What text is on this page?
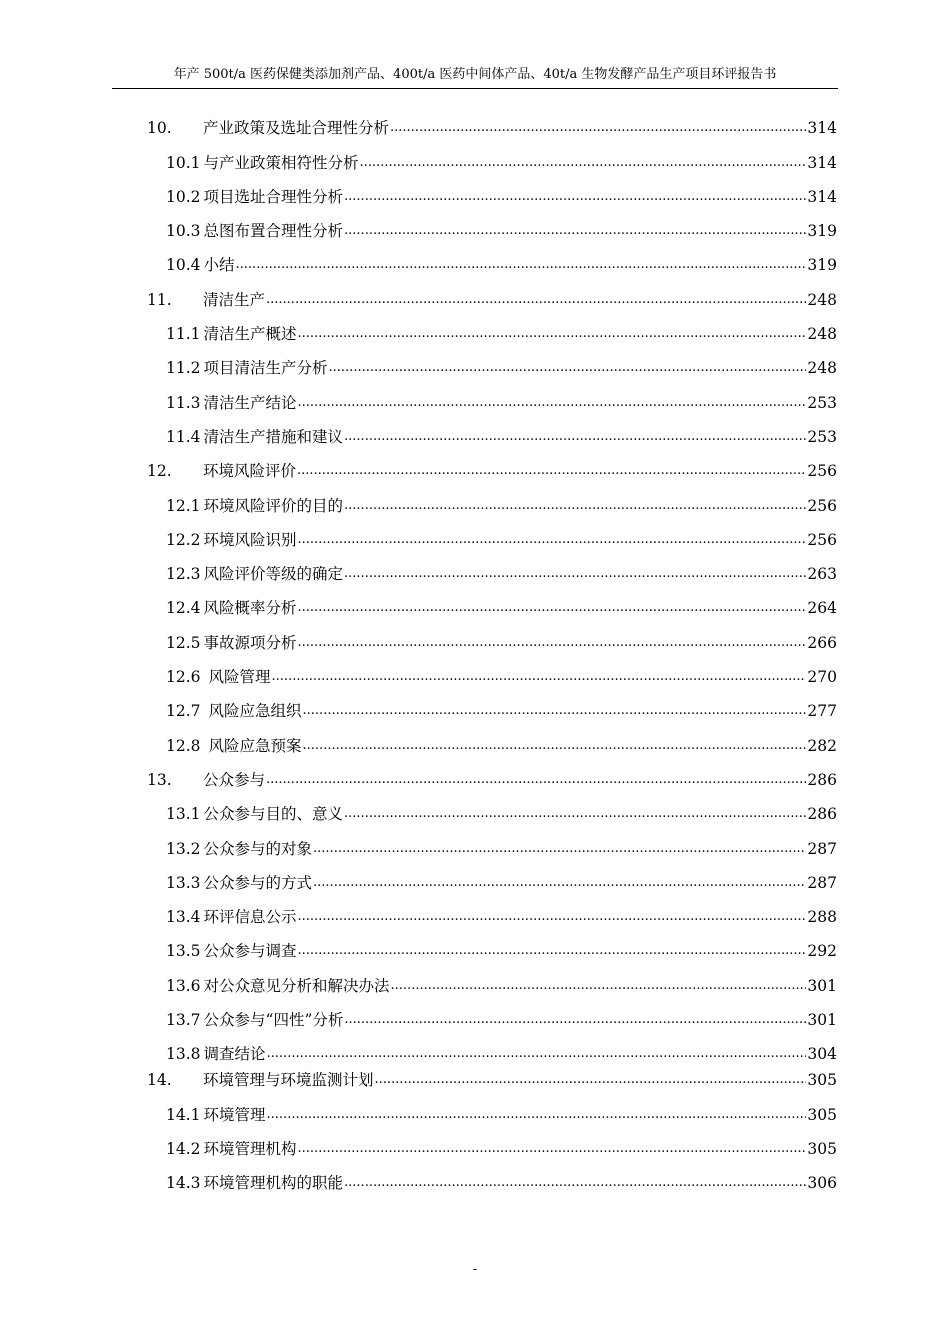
年产 500t/a 医药保健类添加剂产品、400t/a 医药中间体产品、40t/a 生物发酵产品生产项目环评报告书
10.	产业政策及选址合理性分析 .....	314
10.1 与产业政策相符性分析 .....	314
10.2 项目选址合理性分析 .....	314
10.3 总图布置合理性分析 .....	319
10.4 小结 .....	319
11.	清洁生产 .....	248
11.1 清洁生产概述 .....	248
11.2 项目清洁生产分析 .....	248
11.3 清洁生产结论 .....	253
11.4 清洁生产措施和建议 .....	253
12.	环境风险评价 .....	256
12.1 环境风险评价的目的 .....	256
12.2 环境风险识别 .....	256
12.3 风险评价等级的确定 .....	263
12.4 风险概率分析 .....	264
12.5 事故源项分析 .....	266
12.6 风险管理 .....	270
12.7 风险应急组织 .....	277
12.8 风险应急预案 .....	282
13.	公众参与 .....	286
13.1 公众参与目的、意义 .....	286
13.2 公众参与的对象 .....	287
13.3 公众参与的方式 .....	287
13.4 环评信息公示 .....	288
13.5 公众参与调查 .....	292
13.6 对公众意见分析和解决办法 .....	301
13.7 公众参与“四性”分析 .....	301
13.8 调查结论 .....	304
14.	环境管理与环境监测计划 .....	305
14.1 环境管理 .....	305
14.2 环境管理机构 .....	305
14.3 环境管理机构的职能 .....	306
-
